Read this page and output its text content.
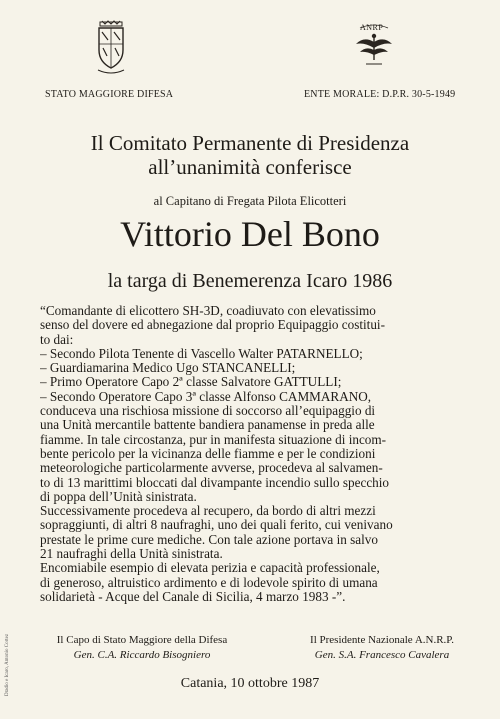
ANRP
STATO MAGGIORE DIFESA	ENTE MORALE: D.P.R. 30-5-1949
Il Comitato Permanente di Presidenza
all’unanimità conferisce
al Capitano di Fregata Pilota Elicotteri
Vittorio Del Bono
la targa di Benemerenza Icaro 1986
“Comandante di elicottero SH-3D, coadiuvato con elevatissimo
senso del dovere ed abnegazione dal proprio Equipaggio costitui-
to dai:
– Secondo Pilota Tenente di Vascello Walter PATARNELLO;
– Guardiamarina Medico Ugo STANCANELLI;
– Primo Operatore Capo 2ª classe Salvatore GATTULLI;
– Secondo Operatore Capo 3ª classe Alfonso CAMMARANO,
conduceva una rischiosa missione di soccorso all’equipaggio di
una Unità mercantile battente bandiera panamense in preda alle
fiamme. In tale circostanza, pur in manifesta situazione di incom-
bente pericolo per la vicinanza delle fiamme e per le condizioni
meteorologiche particolarmente avverse, procedeva al salvamen-
to di 13 marittimi bloccati dal divampante incendio sullo specchio
di poppa dell’Unità sinistrata.
Successivamente procedeva al recupero, da bordo di altri mezzi
sopraggiunti, di altri 8 naufraghi, uno dei quali ferito, cui venivano
prestate le prime cure mediche. Con tale azione portava in salvo
21 naufraghi della Unità sinistrata.
Encomiabile esempio di elevata perizia e capacità professionale,
di generoso, altruistico ardimento e di lodevole spirito di umana
solidarietà - Acque del Canale di Sicilia, 4 marzo 1983 -”.
Il Capo di Stato Maggiore della Difesa
Gen. C.A. Riccardo Bisogniero
Il Presidente Nazionale A.N.R.P.
Gen. S.A. Francesco Cavalera
Catania, 10 ottobre 1987
Dradio e Icaro, Antonio Cortez
